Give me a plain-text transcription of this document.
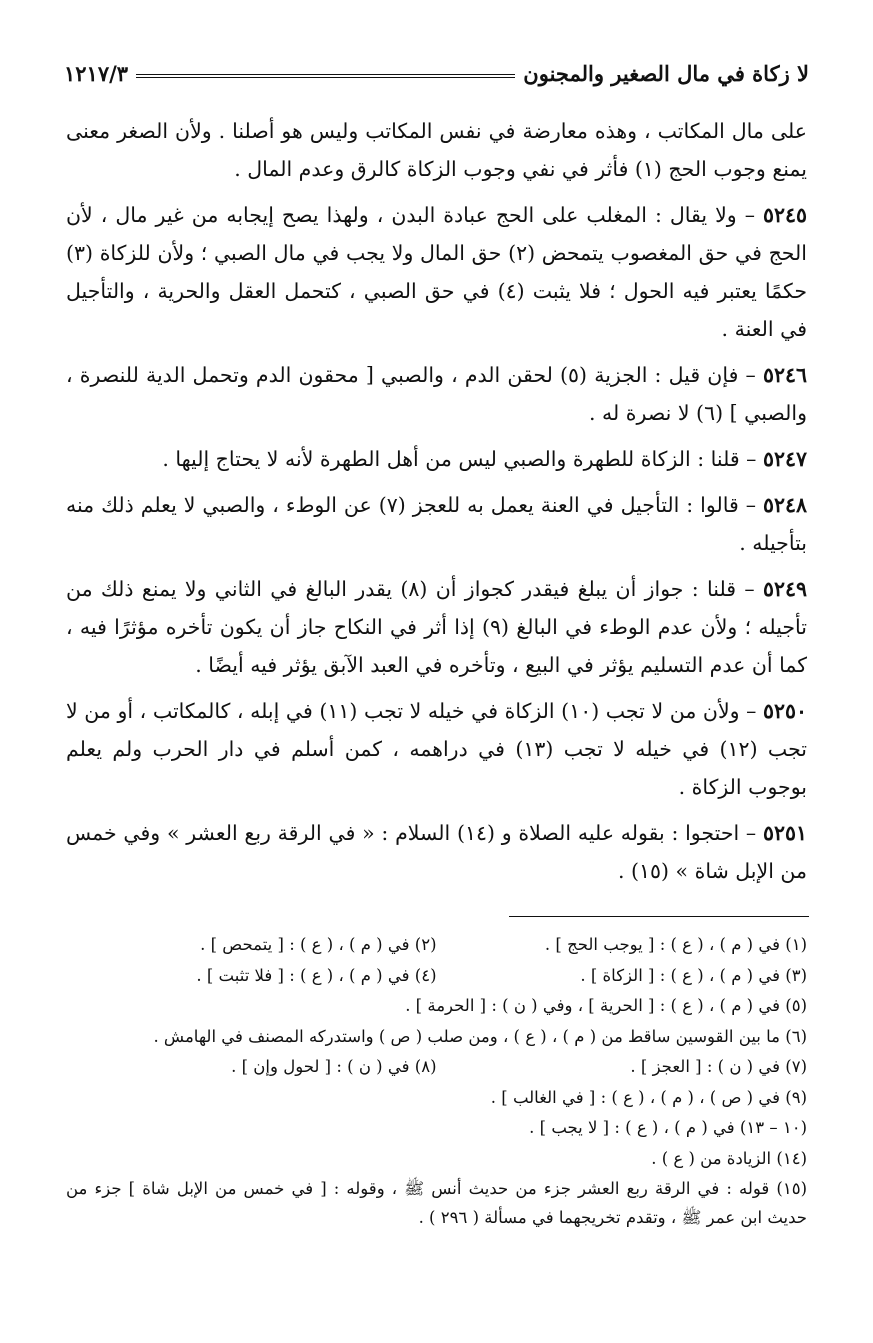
لا زكاة في مال الصغير والمجنون
١٢١٧/٣

على مال المكاتب ، وهذه معارضة في نفس المكاتب وليس هو أصلنا . ولأن الصغر معنى يمنع وجوب الحج (١) فأثر في نفي وجوب الزكاة كالرق وعدم المال .

٥٢٤٥ – ولا يقال : المغلب على الحج عبادة البدن ، ولهذا يصح إيجابه من غير مال ، لأن الحج في حق المغصوب يتمحض (٢) حق المال ولا يجب في مال الصبي ؛ ولأن للزكاة (٣) حكمًا يعتبر فيه الحول ؛ فلا يثبت (٤) في حق الصبي ، كتحمل العقل والحرية ، والتأجيل في العنة .

٥٢٤٦ – فإن قيل : الجزية (٥) لحقن الدم ، والصبي [ محقون الدم وتحمل الدية للنصرة ، والصبي ] (٦) لا نصرة له .

٥٢٤٧ – قلنا : الزكاة للطهرة والصبي ليس من أهل الطهرة لأنه لا يحتاج إليها .

٥٢٤٨ – قالوا : التأجيل في العنة يعمل به للعجز (٧) عن الوطء ، والصبي لا يعلم ذلك منه بتأجيله .

٥٢٤٩ – قلنا : جواز أن يبلغ فيقدر كجواز أن (٨) يقدر البالغ في الثاني ولا يمنع ذلك من تأجيله ؛ ولأن عدم الوطء في البالغ (٩) إذا أثر في النكاح جاز أن يكون تأخره مؤثرًا فيه ، كما أن عدم التسليم يؤثر في البيع ، وتأخره في العبد الآبق يؤثر فيه أيضًا .

٥٢٥٠ – ولأن من لا تجب (١٠) الزكاة في خيله لا تجب (١١) في إبله ، كالمكاتب ، أو من لا تجب (١٢) في خيله لا تجب (١٣) في دراهمه ، كمن أسلم في دار الحرب ولم يعلم بوجوب الزكاة .

٥٢٥١ – احتجوا : بقوله عليه الصلاة و (١٤) السلام : « في الرقة ربع العشر » وفي خمس من الإبل شاة » (١٥) .

(١) في ( م ) ، ( ع ) : [ يوجب الحج ] .
(٢) في ( م ) ، ( ع ) : [ يتمحص ] .
(٣) في ( م ) ، ( ع ) : [ الزكاة ] .
(٤) في ( م ) ، ( ع ) : [ فلا تثبت ] .
(٥) في ( م ) ، ( ع ) : [ الحرية ] ، وفي ( ن ) : [ الحرمة ] .
(٦) ما بين القوسين ساقط من ( م ) ، ( ع ) ، ومن صلب ( ص ) واستدركه المصنف في الهامش .
(٧) في ( ن ) : [ العجز ] .
(٨) في ( ن ) : [ لحول وإن ] .
(٩) في ( ص ) ، ( م ) ، ( ع ) : [ في الغالب ] .
(١٠ – ١٣) في ( م ) ، ( ع ) : [ لا يجب ] .
(١٤) الزيادة من ( ع ) .
(١٥) قوله : في الرقة ربع العشر جزء من حديث أنس ﷺ ، وقوله : [ في خمس من الإبل شاة ] جزء من حديث ابن عمر ﷺ ، وتقدم تخريجهما في مسألة ( ٢٩٦ ) .
